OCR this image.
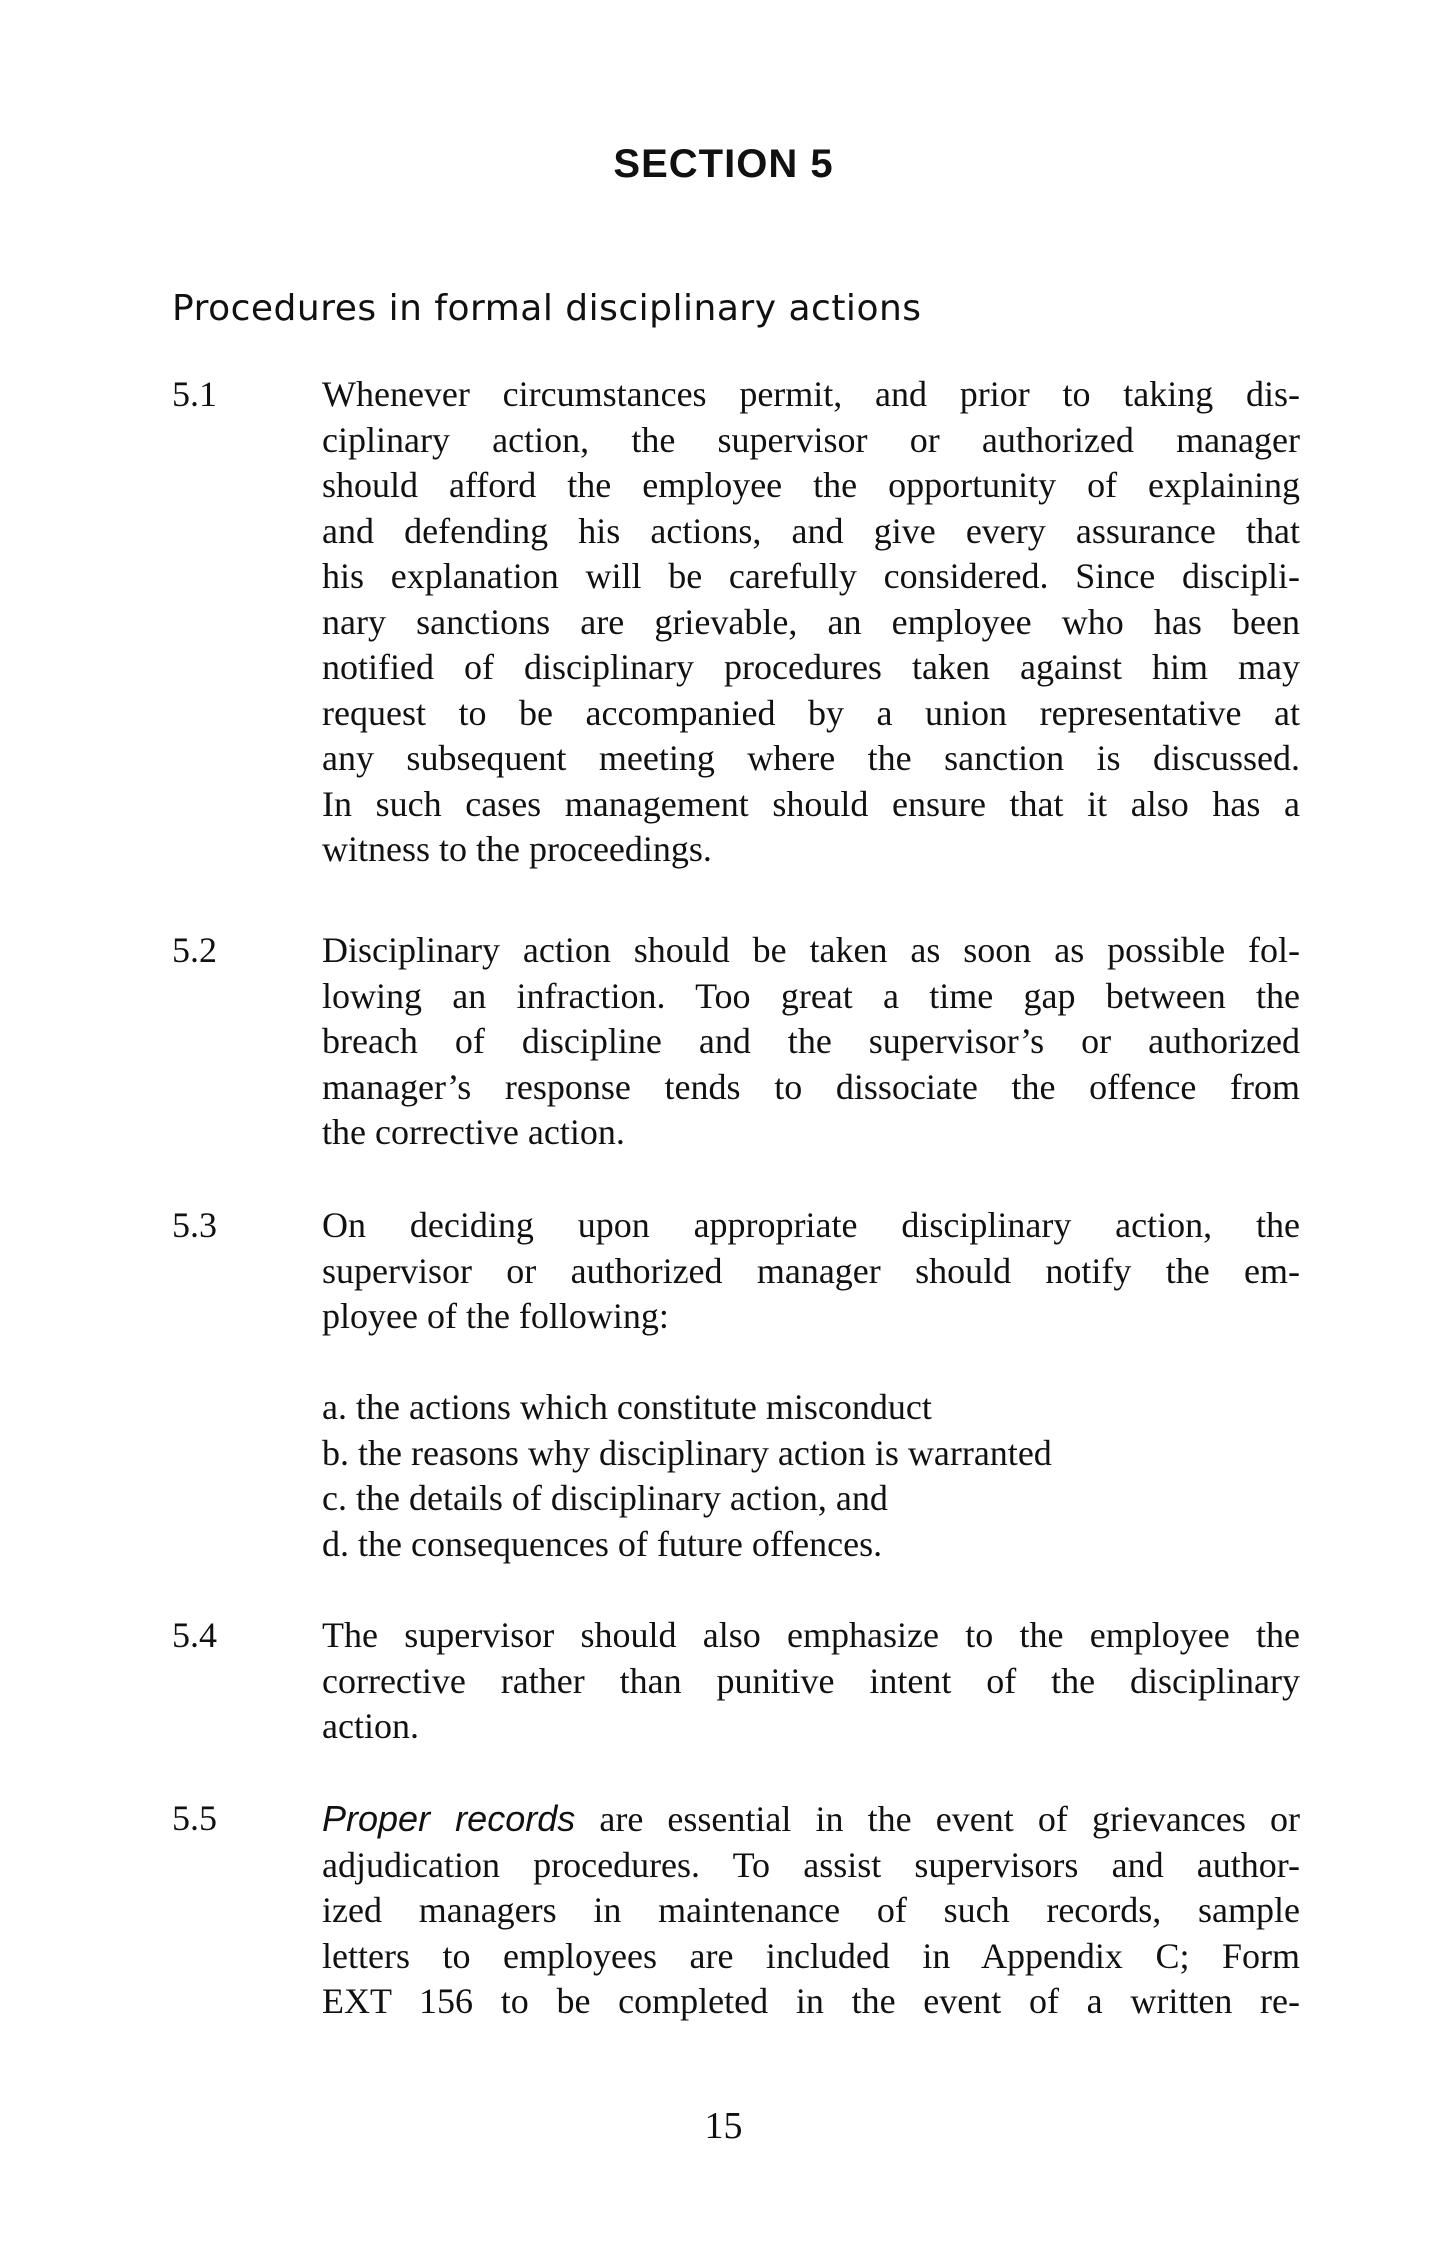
SECTION 5
Procedures in formal disciplinary actions
5.1	Whenever circumstances permit, and prior to taking dis-
ciplinary action, the supervisor or authorized manager
should afford the employee the opportunity of explaining
and defending his actions, and give every assurance that
his explanation will be carefully considered. Since discipli-
nary sanctions are grievable, an employee who has been
notified of disciplinary procedures taken against him may
request to be accompanied by a union representative at
any subsequent meeting where the sanction is discussed.
In such cases management should ensure that it also has a
witness to the proceedings.
5.2	Disciplinary action should be taken as soon as possible fol-
lowing an infraction. Too great a time gap between the
breach of discipline and the supervisor’s or authorized
manager’s response tends to dissociate the offence from
the corrective action.
5.3	On deciding upon appropriate disciplinary action, the
supervisor or authorized manager should notify the em-
ployee of the following:
a. the actions which constitute misconduct
b. the reasons why disciplinary action is warranted
c. the details of disciplinary action, and
d. the consequences of future offences.
5.4	The supervisor should also emphasize to the employee the
corrective rather than punitive intent of the disciplinary
action.
5.5	Proper records are essential in the event of grievances or
adjudication procedures. To assist supervisors and author-
ized managers in maintenance of such records, sample
letters to employees are included in Appendix C; Form
EXT 156 to be completed in the event of a written re-
15
